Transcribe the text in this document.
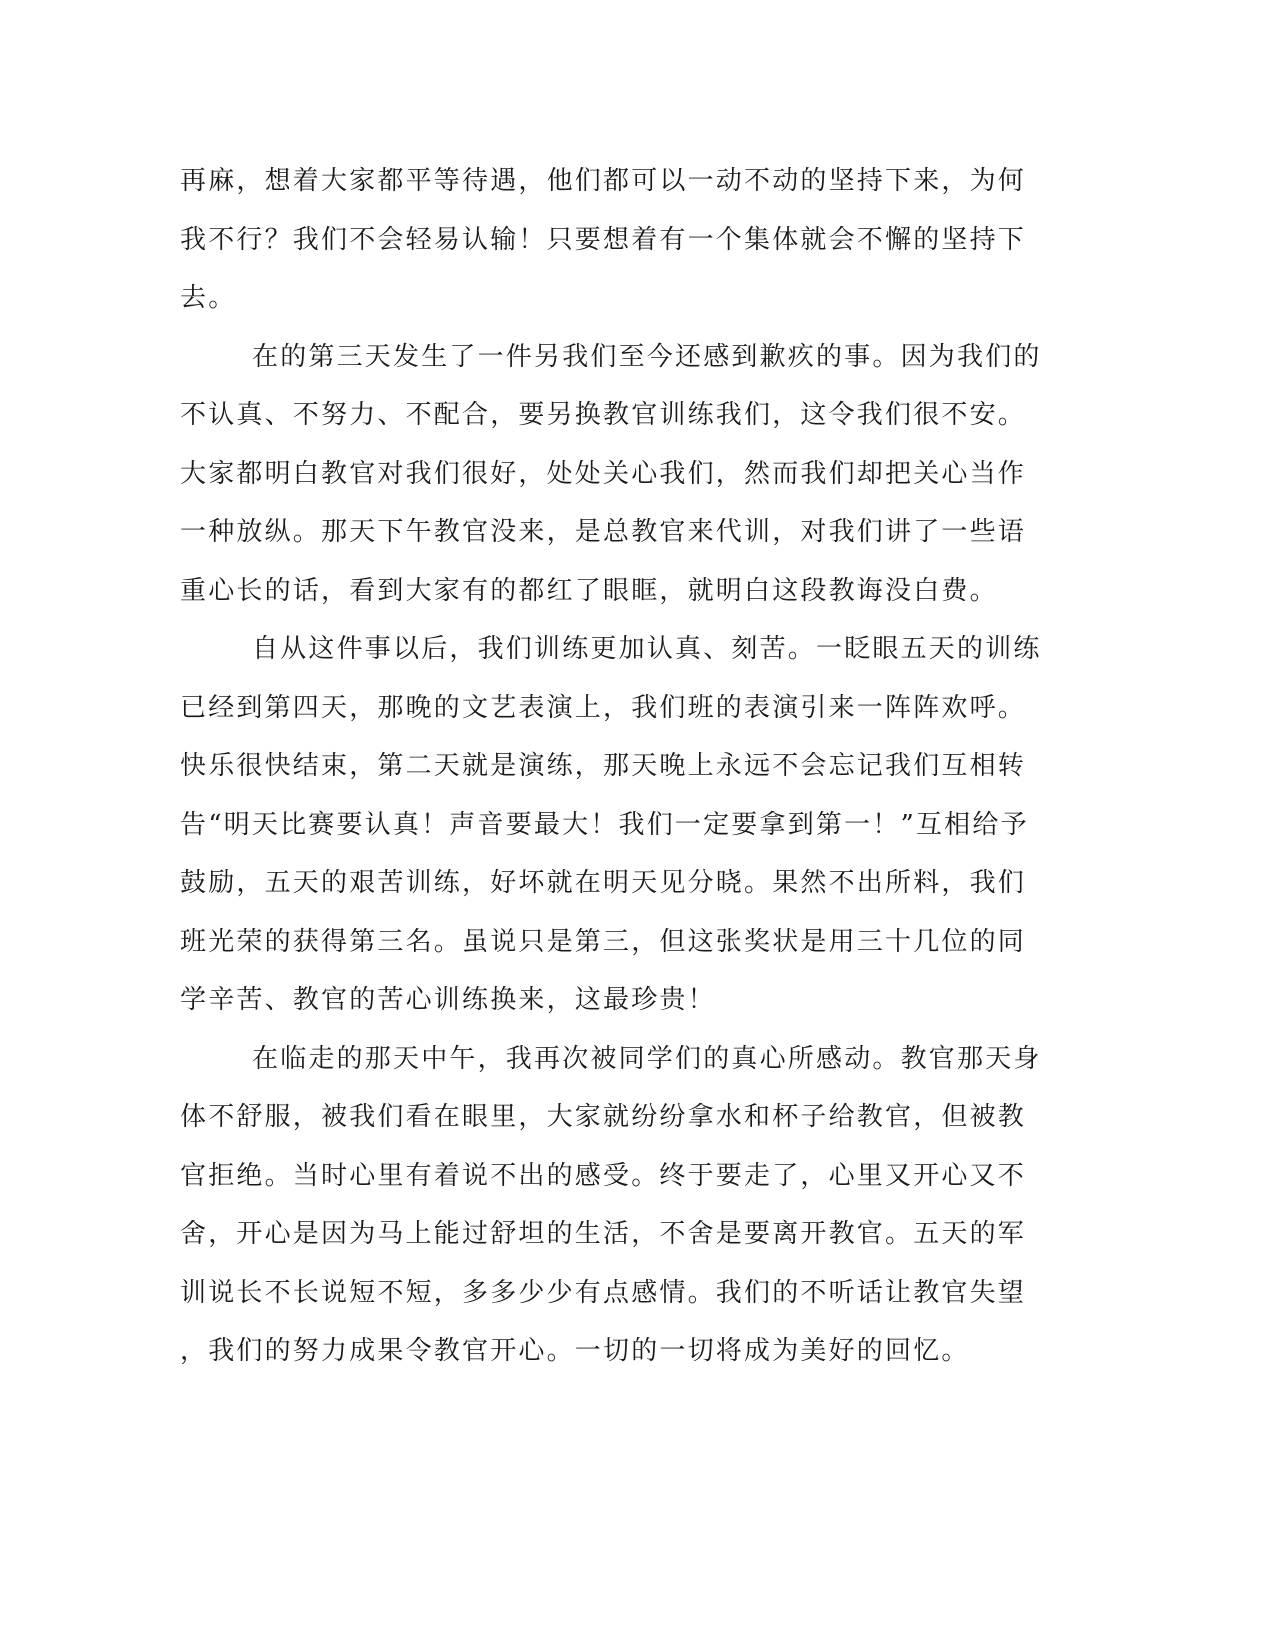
再麻，想着大家都平等待遇，他们都可以一动不动的坚持下来，为何
我不行？我们不会轻易认输！只要想着有一个集体就会不懈的坚持下
去。
在的第三天发生了一件另我们至今还感到歉疚的事。因为我们的
不认真、不努力、不配合，要另换教官训练我们，这令我们很不安。
大家都明白教官对我们很好，处处关心我们，然而我们却把关心当作
一种放纵。那天下午教官没来，是总教官来代训，对我们讲了一些语
重心长的话，看到大家有的都红了眼眶，就明白这段教诲没白费。
自从这件事以后，我们训练更加认真、刻苦。一眨眼五天的训练
已经到第四天，那晚的文艺表演上，我们班的表演引来一阵阵欢呼。
快乐很快结束，第二天就是演练，那天晚上永远不会忘记我们互相转
告“明天比赛要认真！声音要最大！我们一定要拿到第一！”互相给予
鼓励，五天的艰苦训练，好坏就在明天见分晓。果然不出所料，我们
班光荣的获得第三名。虽说只是第三，但这张奖状是用三十几位的同
学辛苦、教官的苦心训练换来，这最珍贵！
在临走的那天中午，我再次被同学们的真心所感动。教官那天身
体不舒服，被我们看在眼里，大家就纷纷拿水和杯子给教官，但被教
官拒绝。当时心里有着说不出的感受。终于要走了，心里又开心又不
舍，开心是因为马上能过舒坦的生活，不舍是要离开教官。五天的军
训说长不长说短不短，多多少少有点感情。我们的不听话让教官失望
，我们的努力成果令教官开心。一切的一切将成为美好的回忆。
